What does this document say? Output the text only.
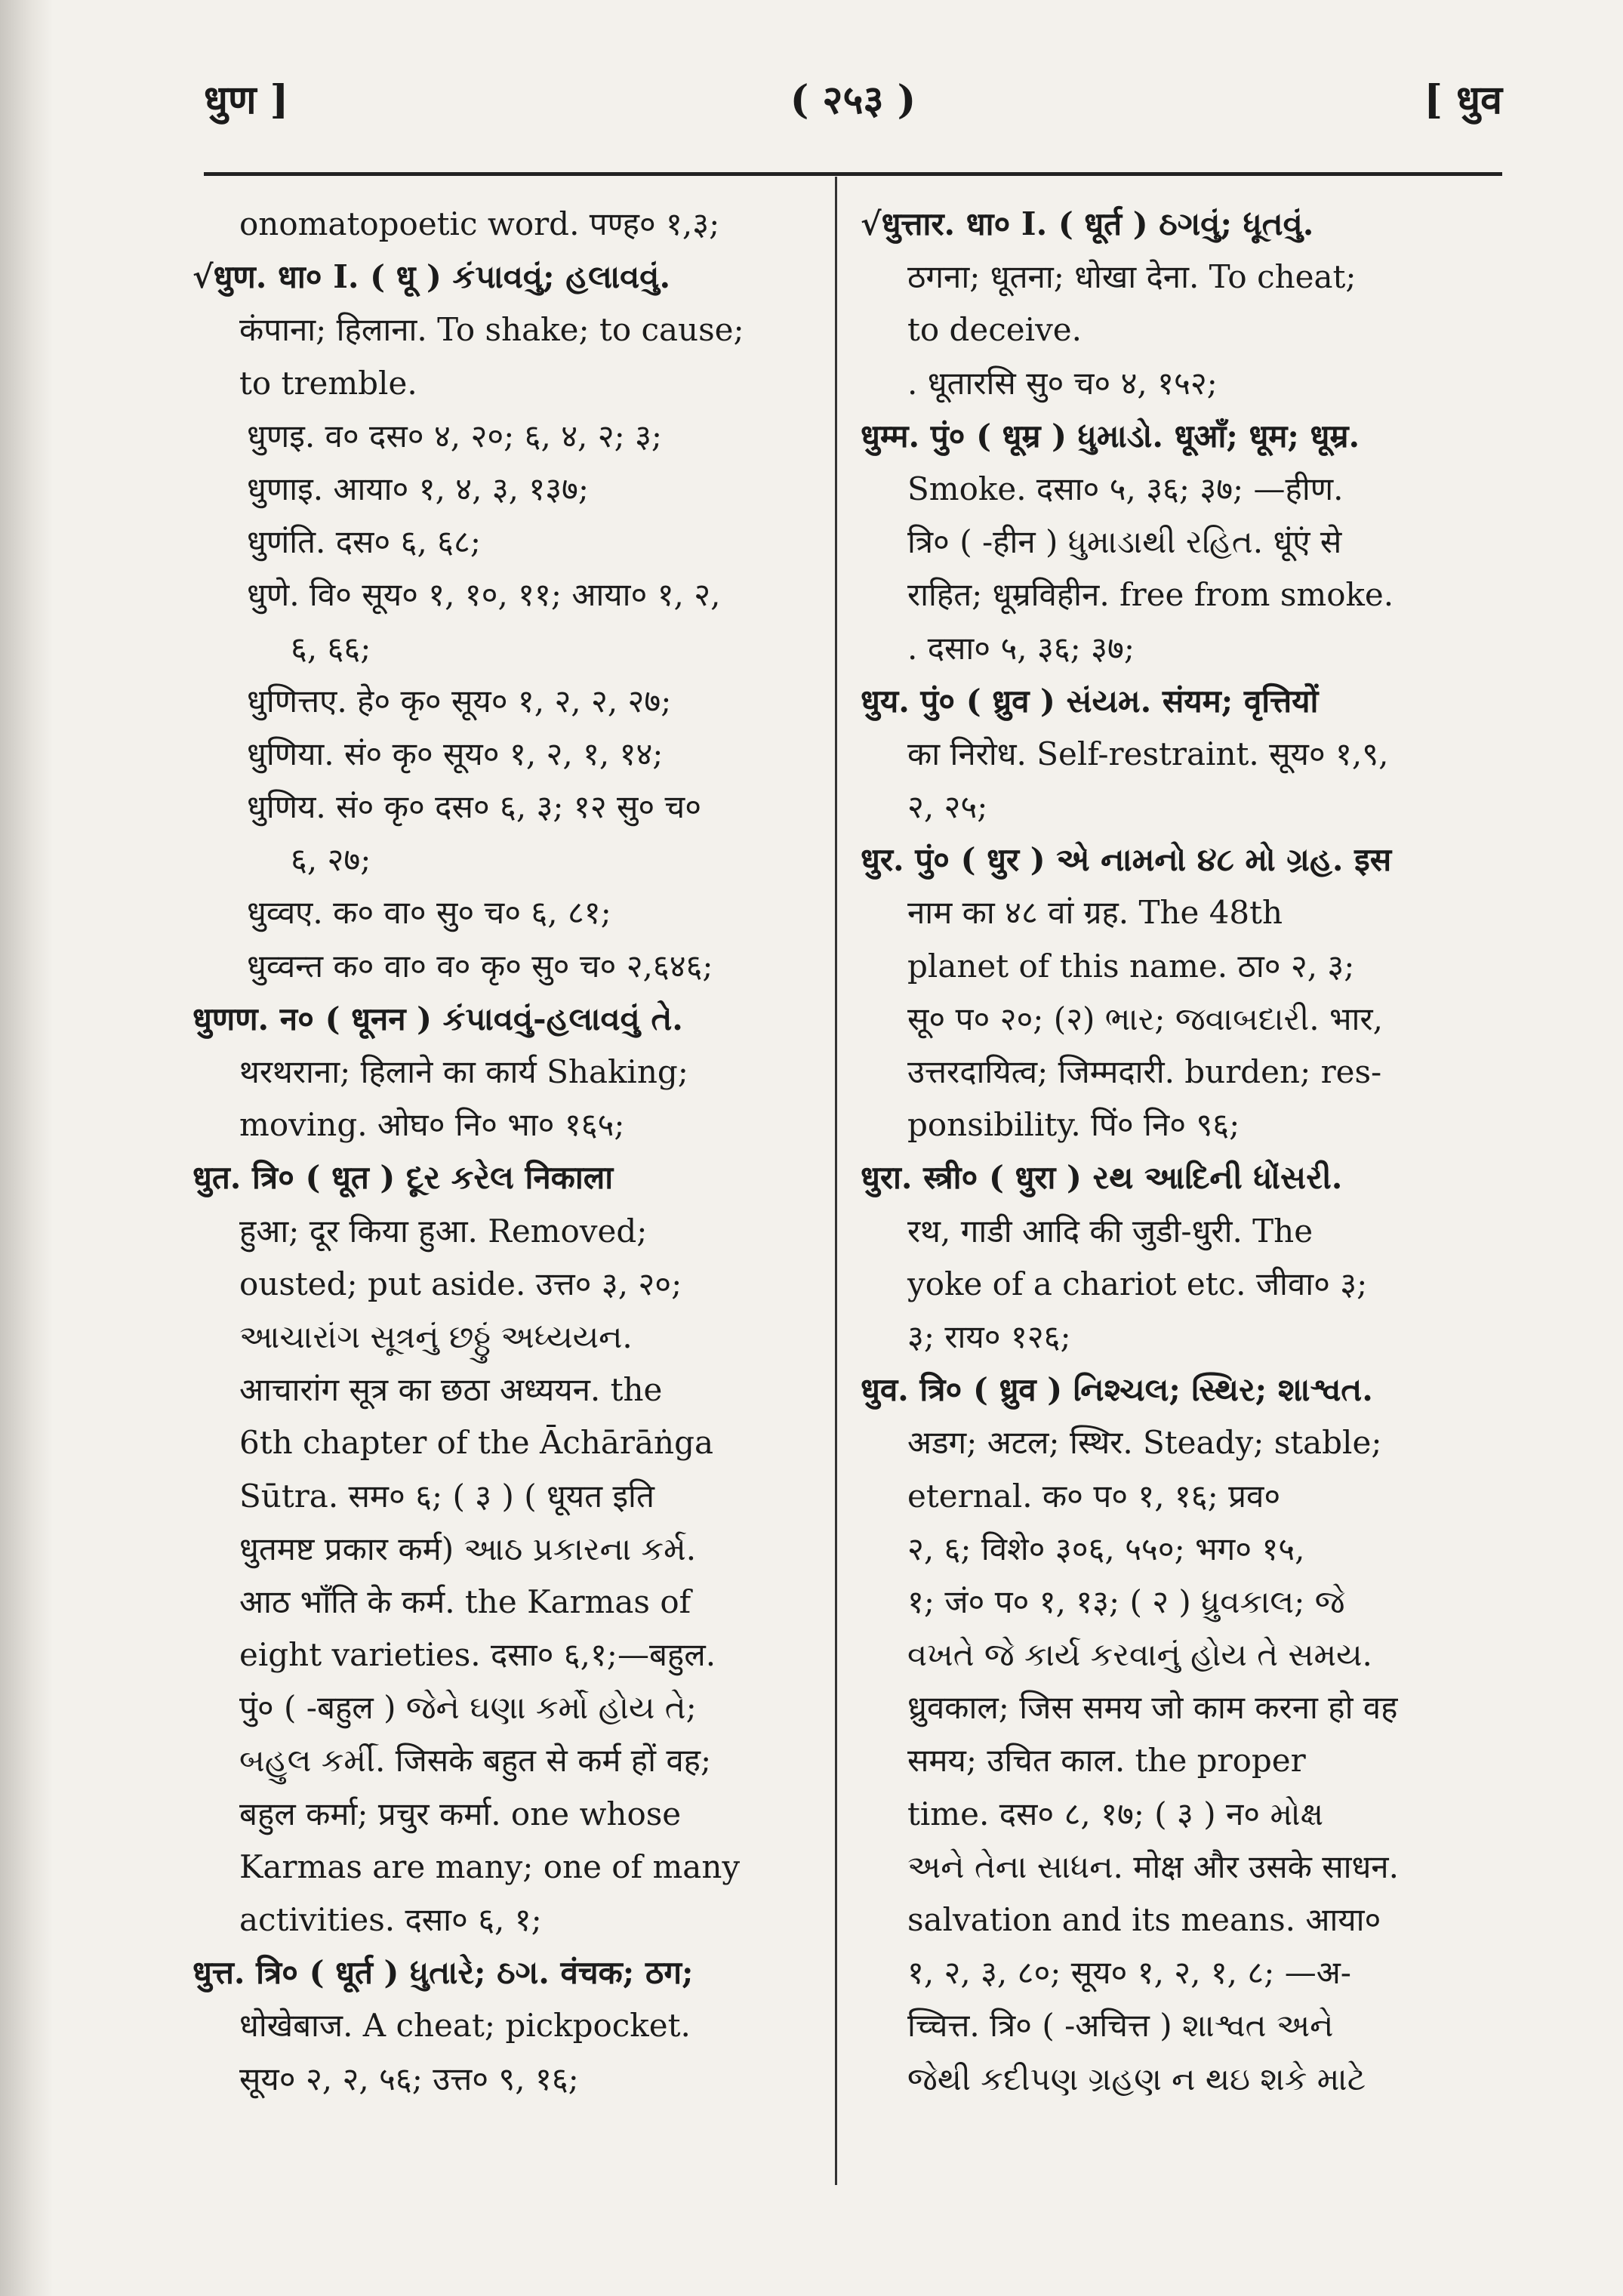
( २५३ )
धुण ]	[ धुव
onomatopoetic word. पण्ह० १,३;
√धुण. धा० I. ( धू ) કંપાવવું; હલાવવું.
कंपाना; हिलाना. To shake; to cause;
to tremble.
धुणइ. व० दस० ४, २०; ६, ४, २; ३;
धुणाइ. आया० १, ४, ३, १३७;
धुणंति. दस० ६, ६८;
धुणे. वि० सूय० १, १०, ११; आया० १, २,
६, ६६;
धुणित्तए. हे० कृ० सूय० १, २, २, २७;
धुणिया. सं० कृ० सूय० १, २, १, १४;
धुणिय. सं० कृ० दस० ६, ३; १२ सु० च०
६, २७;
धुव्वए. क० वा० सु० च० ६, ८१;
धुव्वन्त क० वा० व० कृ० सु० च० २,६४६;
धुणण. न० ( धूनन ) કંપાવવું-હલાવવું તે.
थरथराना; हिलाने का कार्य Shaking;
moving. ओघ० नि० भा० १६५;
धुत. त्रि० ( धूत ) દૂર કરેલ निकाला
हुआ; दूर किया हुआ. Removed;
ousted; put aside. उत्त० ३, २०;
આચારાંગ સૂત્રનું છઠ્ઠું અધ્યયન.
आचारांग सूत्र का छठा अध्ययन. the
6th chapter of the Āchārāṅga
Sūtra. सम० ६; ( ३ ) ( धूयत इति
धुतमष्ट प्रकार कर्म) આઠ પ્રકારના કર્મ.
आठ भाँति के कर्म. the Karmas of
eight varieties. दसा० ६,१;—बहुल.
पुं० ( -बहुल ) જેને ઘણા કર્મો હોય તે;
બહુલ કર્મી. जिसके बहुत से कर्म हों वह;
बहुल कर्मा; प्रचुर कर्मा. one whose
Karmas are many; one of many
activities. दसा० ६, १;
धुत्त. त्रि० ( धूर्त ) ધુતારે; ઠગ. वंचक; ठग;
धोखेबाज. A cheat; pickpocket.
सूय० २, २, ५६; उत्त० ९, १६;
√धुत्तार. धा० I. ( धूर्त ) ઠગવું; ધૂતવું.
ठगना; धूतना; धोखा देना. To cheat;
to deceive.
. धूतारसि सु० च० ४, १५२;
धुम्म. पुं० ( धूम्र ) ધુમાડો. धूआँ; धूम; धूम्र.
Smoke. दसा० ५, ३६; ३७; —हीण.
त्रि० ( -हीन ) ધુમાડાથી રહિત. धूंएं से
राहित; धूम्रविहीन. free from smoke.
. दसा० ५, ३६; ३७;
धुय. पुं० ( ध्रुव ) સંયમ. संयम; वृत्तियों
का निरोध. Self-restraint. सूय० १,९,
२, २५;
धुर. पुं० ( धुर ) એ નામનો ૪૮ મો ગ્રહ. इस
नाम का ४८ वां ग्रह. The 48th
planet of this name. ठा० २, ३;
सू० प० २०; (२) ભાર; જવાબદારી. भार,
उत्तरदायित्व; जिम्मदारी. burden; res-
ponsibility. पिं० नि० ९६;
धुरा. स्त्री० ( धुरा ) રથ આદિની ધોંસરી.
रथ, गाडी आदि की जुडी-धुरी. The
yoke of a chariot etc. जीवा० ३;
३; राय० १२६;
धुव. त्रि० ( ध्रुव ) નિશ્ચલ; સ્થિર; શાશ્વત.
अडग; अटल; स्थिर. Steady; stable;
eternal. क० प० १, १६; प्रव०
२, ६; विशे० ३०६, ५५०; भग० १५,
१; जं० प० १, १३; ( २ ) ધ્રુવકાલ; જે
વખતે જે કાર્ય કરવાનું હોય તે સમય.
ध्रुवकाल; जिस समय जो काम करना हो वह
समय; उचित काल. the proper
time. दस० ८, १७; ( ३ ) न० મોક્ષ
અને તેના સાધન. मोक्ष और उसके साधन.
salvation and its means. आया०
१, २, ३, ८०; सूय० १, २, १, ८; —अ-
च्चित्त. त्रि० ( -अचित्त ) શાશ્વત અને
જેથી કદીપણ ગ્રહણ ન થઇ શકે માટે
